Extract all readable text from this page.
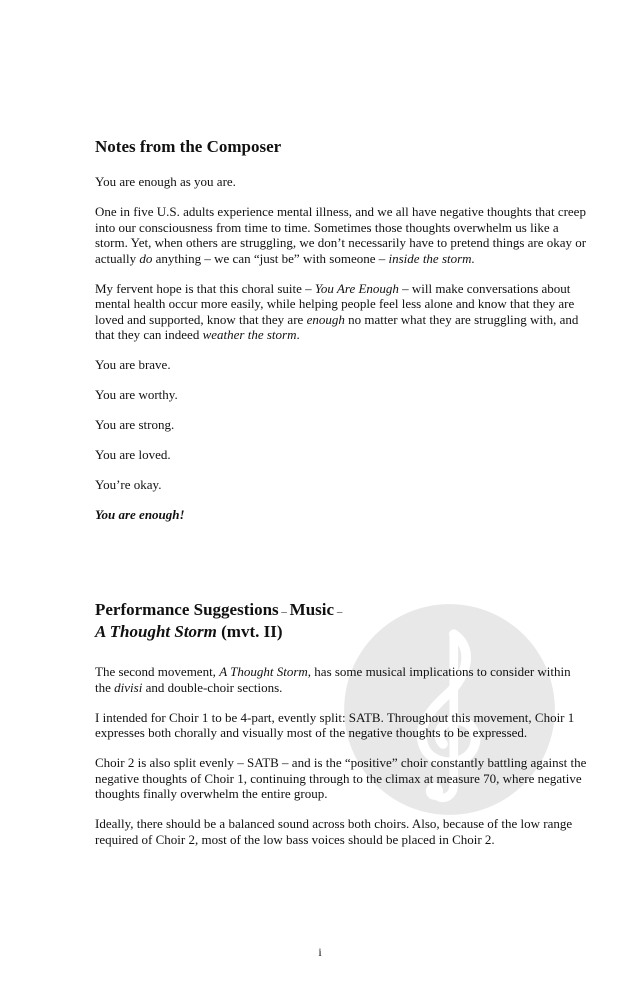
Notes from the Composer

You are enough as you are.

One in five U.S. adults experience mental illness, and we all have negative thoughts that creep into our consciousness from time to time. Sometimes those thoughts overwhelm us like a storm. Yet, when others are struggling, we don’t necessarily have to pretend things are okay or actually do anything – we can “just be” with someone – inside the storm.

My fervent hope is that this choral suite – You Are Enough – will make conversations about mental health occur more easily, while helping people feel less alone and know that they are loved and supported, know that they are enough no matter what they are struggling with, and that they can indeed weather the storm.

You are brave.

You are worthy.

You are strong.

You are loved.

You’re okay.

You are enough!

Performance Suggestions – Music –
A Thought Storm (mvt. II)

The second movement, A Thought Storm, has some musical implications to consider within the divisi and double-choir sections.

I intended for Choir 1 to be 4-part, evently split: SATB. Throughout this movement, Choir 1 expresses both chorally and visually most of the negative thoughts to be expressed.

Choir 2 is also split evenly – SATB – and is the “positive” choir constantly battling against the negative thoughts of Choir 1, continuing through to the climax at measure 70, where negative thoughts finally overwhelm the entire group.

Ideally, there should be a balanced sound across both choirs. Also, because of the low range required of Choir 2, most of the low bass voices should be placed in Choir 2.

i
